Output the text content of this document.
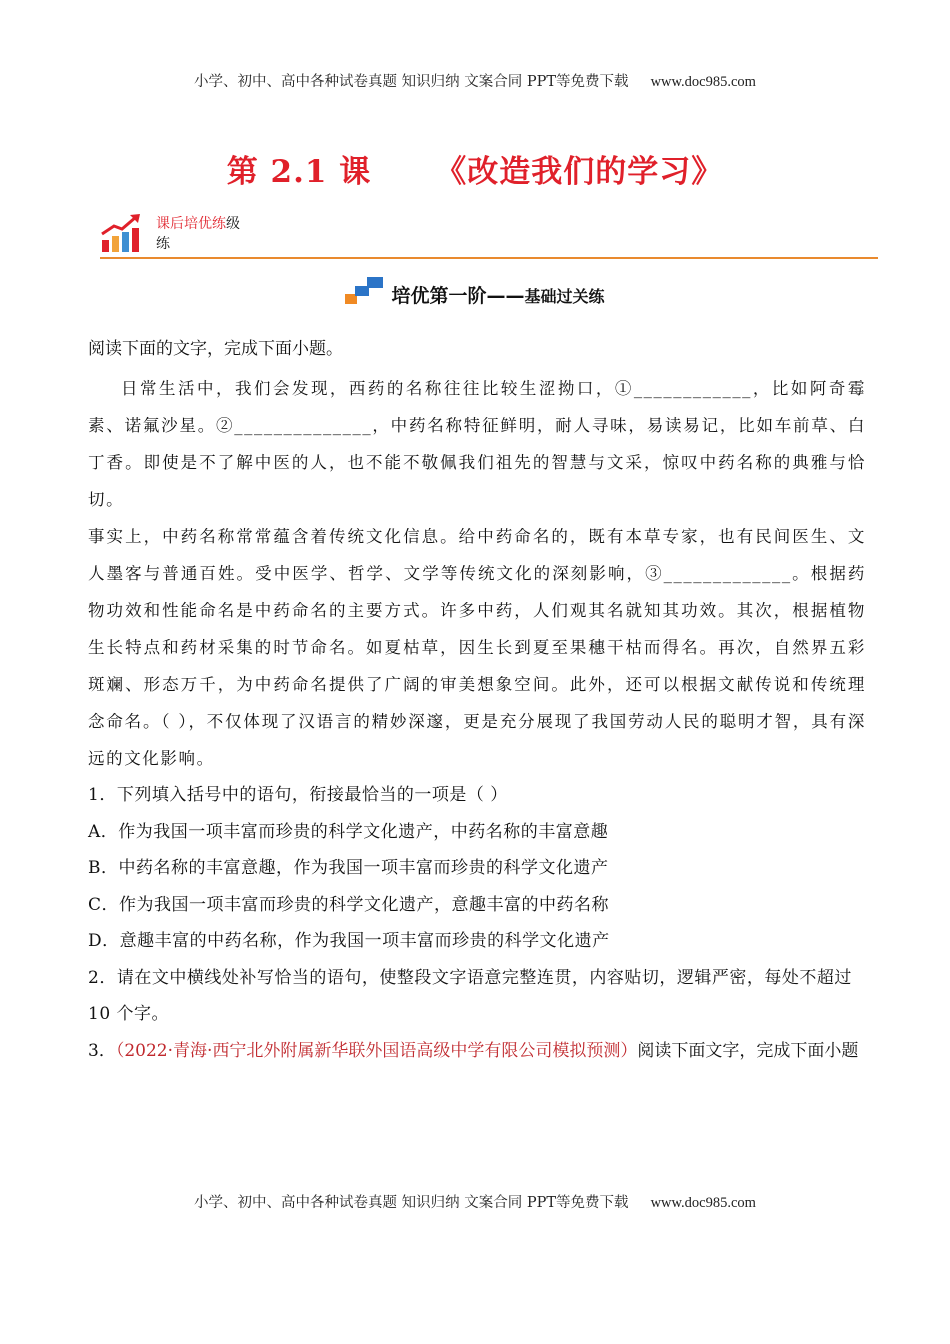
小学、初中、高中各种试卷真题 知识归纳 文案合同 PPT等免费下载 www.doc985.com
第 2.1 课 《改造我们的学习》
课后培优练级
练
培优第一阶——基础过关练

阅读下面的文字，完成下面小题。

日常生活中，我们会发现，西药的名称往往比较生涩拗口，①____________，比如阿奇霉素、诺氟沙星。②______________，中药名称特征鲜明，耐人寻味，易读易记，比如车前草、白丁香。即使是不了解中医的人，也不能不敬佩我们祖先的智慧与文采，惊叹中药名称的典雅与恰切。

事实上，中药名称常常蕴含着传统文化信息。给中药命名的，既有本草专家，也有民间医生、文人墨客与普通百姓。受中医学、哲学、文学等传统文化的深刻影响，③_____________。根据药物功效和性能命名是中药命名的主要方式。许多中药，人们观其名就知其功效。其次，根据植物生长特点和药材采集的时节命名。如夏枯草，因生长到夏至果穗干枯而得名。再次，自然界五彩斑斓、形态万千，为中药命名提供了广阔的审美想象空间。此外，还可以根据文献传说和传统理念命名。（ ），不仅体现了汉语言的精妙深邃，更是充分展现了我国劳动人民的聪明才智，具有深远的文化影响。

1．下列填入括号中的语句，衔接最恰当的一项是（ ）

A．作为我国一项丰富而珍贵的科学文化遗产，中药名称的丰富意趣

B．中药名称的丰富意趣，作为我国一项丰富而珍贵的科学文化遗产

C．作为我国一项丰富而珍贵的科学文化遗产，意趣丰富的中药名称

D．意趣丰富的中药名称，作为我国一项丰富而珍贵的科学文化遗产

2．请在文中横线处补写恰当的语句，使整段文字语意完整连贯，内容贴切，逻辑严密，每处不超过 10 个字。

3．（2022·青海·西宁北外附属新华联外国语高级中学有限公司模拟预测）阅读下面文字，完成下面小题

小学、初中、高中各种试卷真题 知识归纳 文案合同 PPT等免费下载 www.doc985.com
